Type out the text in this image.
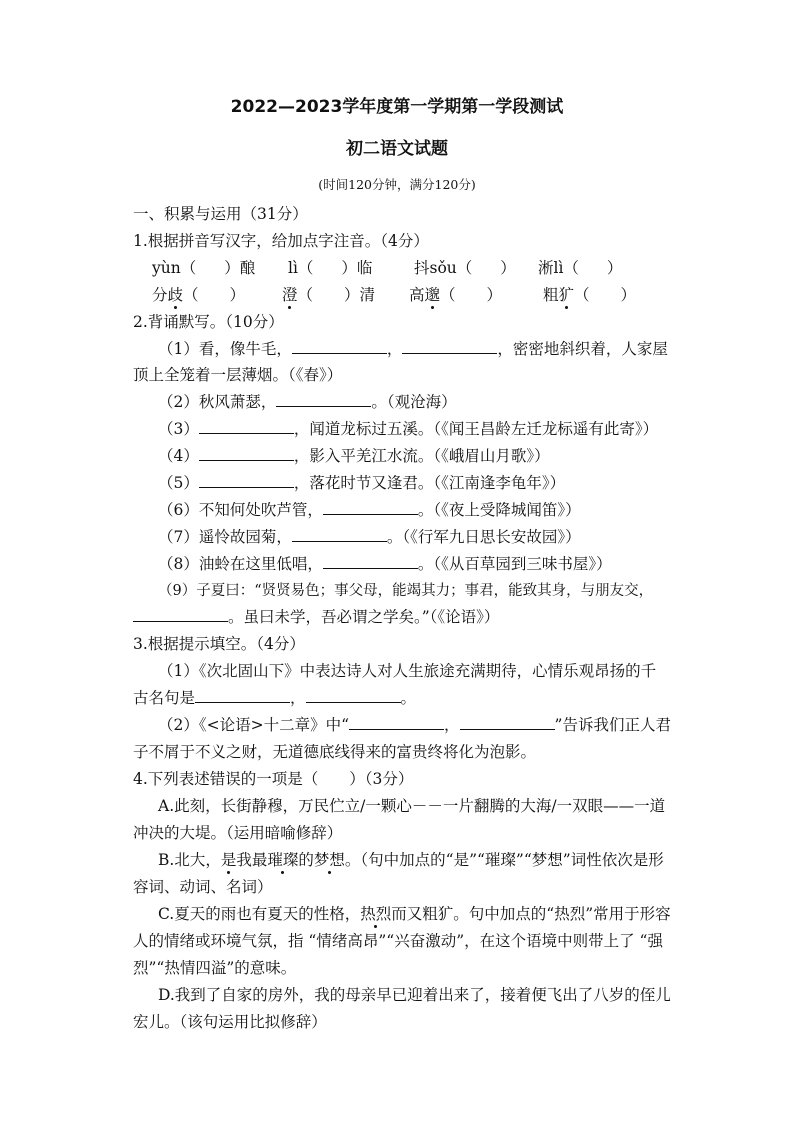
2022—2023学年度第一学期第一学段测试
初二语文试题
(时间120分钟，满分120分)
一、积累与运用（31分）
1.根据拼音写汉字，给加点字注音。（4分）
yùn（ ）酿 lì（ ）临	抖sǒu（ ） 淅lì（ ）
分歧（　　） 澄（　　）清 高邈（　　）	粗犷（　　）
2.背诵默写。（10分）
（1）看，像牛毛，	，	，密密地斜织着，人家屋
顶上全笼着一层薄烟。（《春》）
（2）秋风萧瑟，	。（观沧海）
（3）	，闻道龙标过五溪。（《闻王昌龄左迁龙标遥有此寄》）
（4）	，影入平羌江水流。（《峨眉山月歌》）
（5）	，落花时节又逢君。（《江南逢李龟年》）
（6）不知何处吹芦管，	。（《夜上受降城闻笛》）
（7）遥怜故园菊，	。（《行军九日思长安故园》）
（8）油蛉在这里低唱，	。（《从百草园到三味书屋》）
（9）子夏曰：“贤贤易色；事父母，能竭其力；事君，能致其身，与朋友交，
。虽曰未学，吾必谓之学矣。”（《论语》）
3.根据提示填空。（4分）
（1）《次北固山下》中表达诗人对人生旅途充满期待，心情乐观昂扬的千
古名句是	，	。
（2）《<论语>十二章》中“	，	”告诉我们正人君
子不屑于不义之财，无道德底线得来的富贵终将化为泡影。
4.下列表述错误的一项是（　　）（3分）
A.此刻，长街静穆，万民伫立/一颗心－－一片翻腾的大海/一双眼——一道
冲决的大堤。（运用暗喻修辞）
B.北大，是我最璀璨的梦想。（句中加点的“是”“璀璨”“梦想”词性依次是形
容词、动词、名词）
C.夏天的雨也有夏天的性格，热烈而又粗犷。句中加点的“热烈”常用于形容
人的情绪或环境气氛，指 “情绪高昂”“兴奋激动”，在这个语境中则带上了 “强
烈”“热情四溢”的意味。
D.我到了自家的房外，我的母亲早已迎着出来了，接着便飞出了八岁的侄儿
宏儿。（该句运用比拟修辞）
